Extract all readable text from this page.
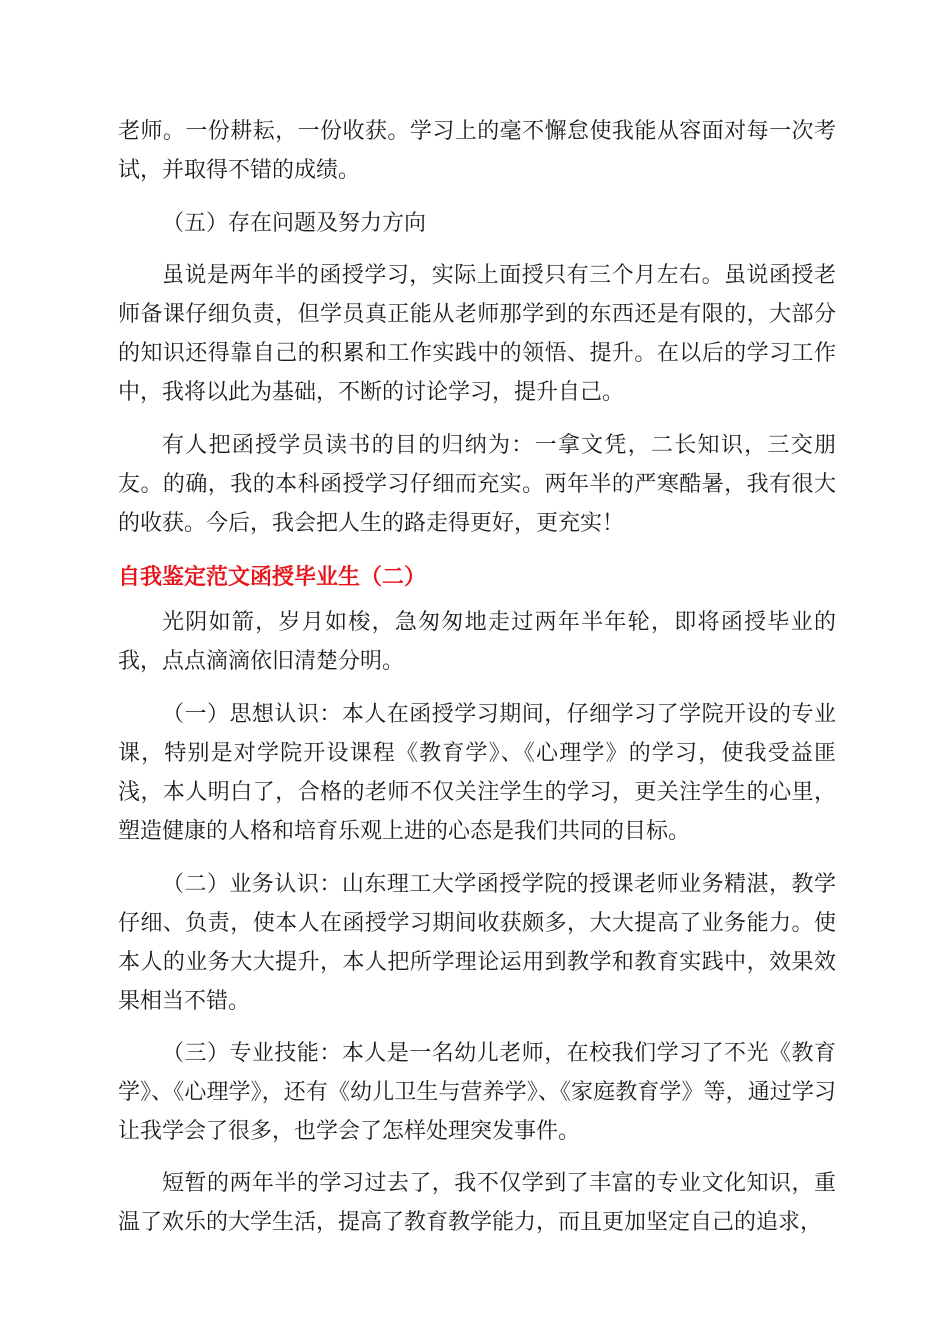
老师。一份耕耘，一份收获。学习上的毫不懈怠使我能从容面对每一次考试，并取得不错的成绩。

（五）存在问题及努力方向

虽说是两年半的函授学习，实际上面授只有三个月左右。虽说函授老师备课仔细负责，但学员真正能从老师那学到的东西还是有限的，大部分的知识还得靠自己的积累和工作实践中的领悟、提升。在以后的学习工作中，我将以此为基础，不断的讨论学习，提升自己。

有人把函授学员读书的目的归纳为：一拿文凭，二长知识，三交朋友。的确，我的本科函授学习仔细而充实。两年半的严寒酷暑，我有很大的收获。今后，我会把人生的路走得更好，更充实！

自我鉴定范文函授毕业生（二）

光阴如箭，岁月如梭，急匆匆地走过两年半年轮，即将函授毕业的我，点点滴滴依旧清楚分明。

（一）思想认识：本人在函授学习期间，仔细学习了学院开设的专业课，特别是对学院开设课程《教育学》、《心理学》的学习，使我受益匪浅，本人明白了，合格的老师不仅关注学生的学习，更关注学生的心里，塑造健康的人格和培育乐观上进的心态是我们共同的目标。

（二）业务认识：山东理工大学函授学院的授课老师业务精湛，教学仔细、负责，使本人在函授学习期间收获颇多，大大提高了业务能力。使本人的业务大大提升，本人把所学理论运用到教学和教育实践中，效果效果相当不错。

（三）专业技能：本人是一名幼儿老师，在校我们学习了不光《教育学》、《心理学》，还有《幼儿卫生与营养学》、《家庭教育学》等，通过学习让我学会了很多，也学会了怎样处理突发事件。

短暂的两年半的学习过去了，我不仅学到了丰富的专业文化知识，重温了欢乐的大学生活，提高了教育教学能力，而且更加坚定自己的追求，
